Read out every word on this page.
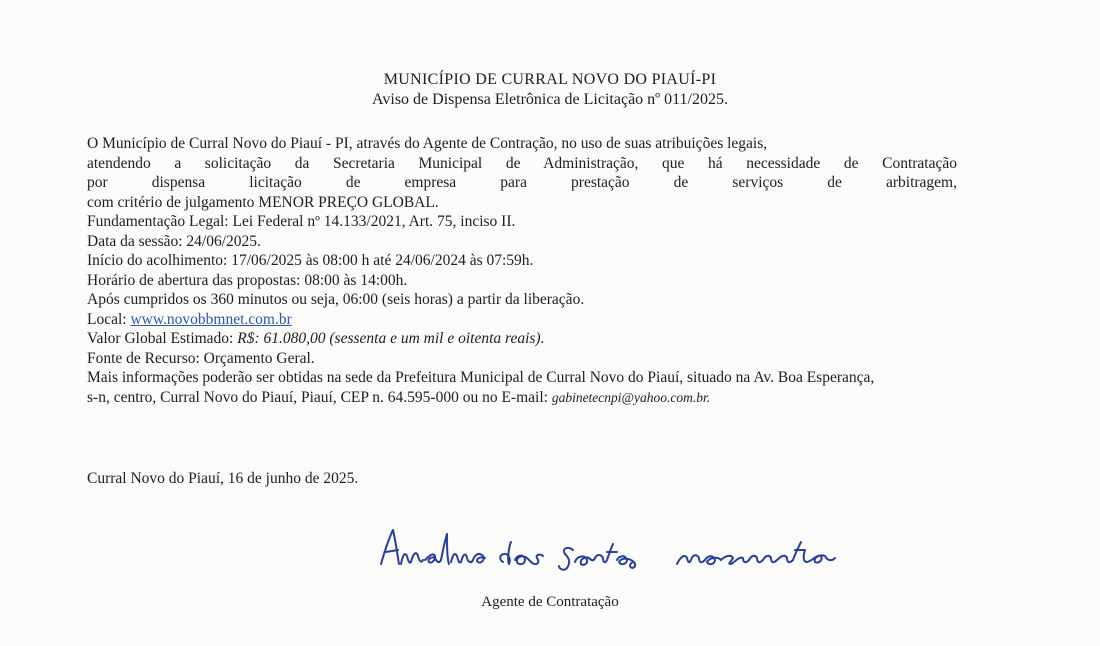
MUNICÍPIO DE CURRAL NOVO DO PIAUÍ-PI
Aviso de Dispensa Eletrônica de Licitação nº 011/2025.
O Município de Curral Novo do Piauí - PI, através do Agente de Contração, no uso de suas atribuições legais,
atendendo a solicitação da Secretaria Municipal de Administração, que há necessidade de Contratação
por dispensa licitação de empresa para prestação de serviços de arbitragem,
com critério de julgamento MENOR PREÇO GLOBAL.
Fundamentação Legal: Lei Federal nº 14.133/2021, Art. 75, inciso II.
Data da sessão: 24/06/2025.
Início do acolhimento: 17/06/2025 às 08:00 h até 24/06/2024 às 07:59h.
Horário de abertura das propostas: 08:00 às 14:00h.
Após cumpridos os 360 minutos ou seja, 06:00 (seis horas) a partir da liberação.
Local: www.novobbmnet.com.br
Valor Global Estimado: R$: 61.080,00 (sessenta e um mil e oitenta reais).
Fonte de Recurso: Orçamento Geral.
Mais informações poderão ser obtidas na sede da Prefeitura Municipal de Curral Novo do Piauí, situado na Av. Boa Esperança,
s-n, centro, Curral Novo do Piauí, Piauí, CEP n. 64.595-000 ou no E-mail: gabinetecnpi@yahoo.com.br.
Curral Novo do Piauí, 16 de junho de 2025.
Agente de Contratação
